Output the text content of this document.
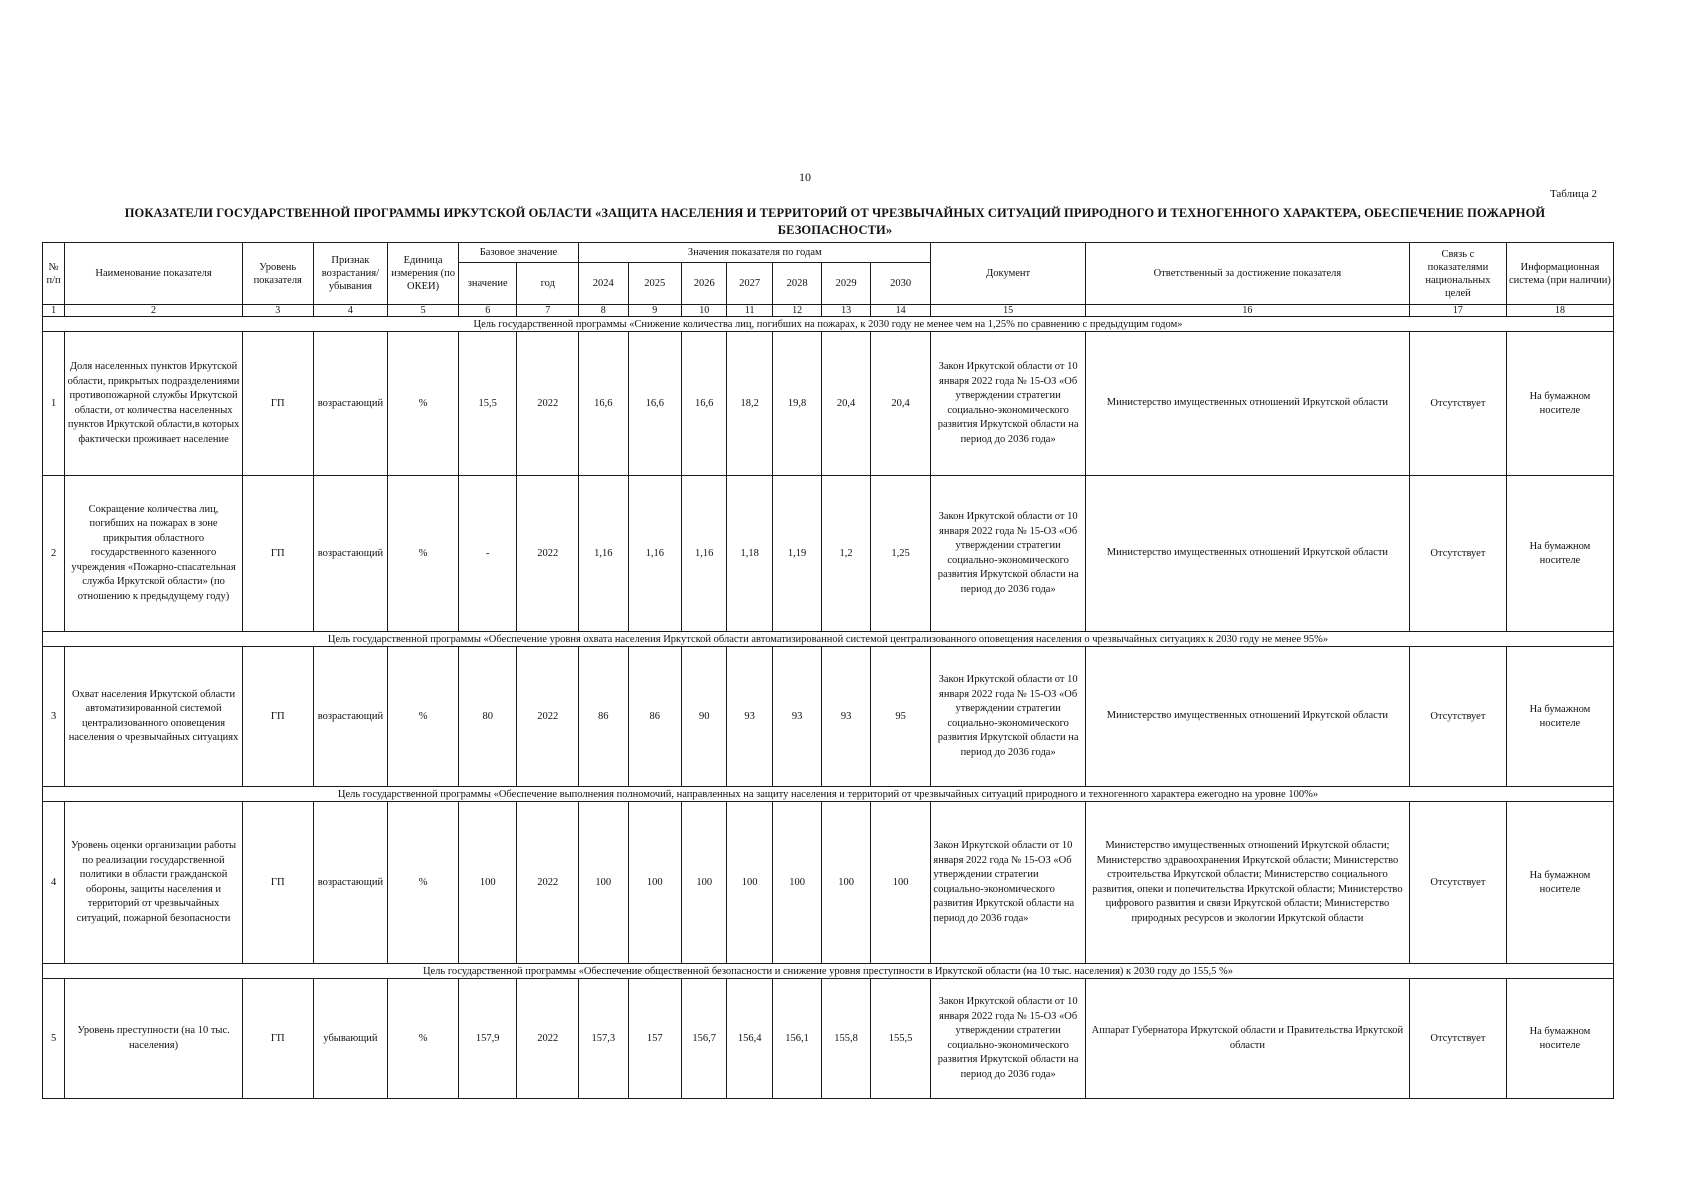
10
Таблица 2
ПОКАЗАТЕЛИ ГОСУДАРСТВЕННОЙ ПРОГРАММЫ ИРКУТСКОЙ ОБЛАСТИ «ЗАЩИТА НАСЕЛЕНИЯ И ТЕРРИТОРИЙ ОТ ЧРЕЗВЫЧАЙНЫХ СИТУАЦИЙ ПРИРОДНОГО И ТЕХНОГЕННОГО ХАРАКТЕРА, ОБЕСПЕЧЕНИЕ ПОЖАРНОЙ БЕЗОПАСНОСТИ»
№ п/п	Наименование показателя	Уровень показателя	Признак возрастания/ убывания	Единица измерения (по ОКЕИ)	Базовое значение		Значения показателя по годам							Документ	Ответственный за достижение показателя	Связь с показателями национальных целей	Информационная система (при наличии)
					значение	год	2024	2025	2026	2027	2028	2029	2030				
1	2	3	4	5	6	7	8	9	10	11	12	13	14	15	16	17	18
Цель государственной программы «Снижение количества лиц, погибших на пожарах, к 2030 году не менее чем на 1,25% по сравнению с предыдущим годом»																	
1	Доля населенных пунктов Иркутской области, прикрытых подразделениями противопожарной службы Иркутской области, от количества населенных пунктов Иркутской области,в которых фактически проживает население	ГП	возрастающий	%	15,5	2022	16,6	16,6	16,6	18,2	19,8	20,4	20,4	Закон Иркутской области от 10 января 2022 года № 15-ОЗ «Об утверждении стратегии социально-экономического развития Иркутской области на период до 2036 года»	Министерство имущественных отношений Иркутской области	Отсутствует	На бумажном носителе
2	Сокращение количества лиц, погибших на пожарах в зоне прикрытия областного государственного казенного учреждения «Пожарно-спасательная служба Иркутской области» (по отношению к предыдущему году)	ГП	возрастающий	%	-	2022	1,16	1,16	1,16	1,18	1,19	1,2	1,25	Закон Иркутской области от 10 января 2022 года № 15-ОЗ «Об утверждении стратегии социально-экономического развития Иркутской области на период до 2036 года»	Министерство имущественных отношений Иркутской области	Отсутствует	На бумажном носителе
Цель государственной программы «Обеспечение уровня охвата населения Иркутской области автоматизированной системой централизованного оповещения населения о чрезвычайных ситуациях к 2030 году не менее 95%»																	
3	Охват населения Иркутской области автоматизированной системой централизованного оповещения населения о чрезвычайных ситуациях	ГП	возрастающий	%	80	2022	86	86	90	93	93	93	95	Закон Иркутской области от 10 января 2022 года № 15-ОЗ «Об утверждении стратегии социально-экономического развития Иркутской области на период до 2036 года»	Министерство имущественных отношений Иркутской области	Отсутствует	На бумажном носителе
Цель государственной программы «Обеспечение выполнения полномочий, направленных на защиту населения и территорий от чрезвычайных ситуаций природного и техногенного характера ежегодно на уровне 100%»																	
4	Уровень оценки организации работы по реализации государственной политики в области гражданской обороны, защиты населения и территорий от чрезвычайных ситуаций, пожарной безопасности	ГП	возрастающий	%	100	2022	100	100	100	100	100	100	100	Закон Иркутской области от 10 января 2022 года № 15-ОЗ «Об утверждении стратегии социально-экономического развития Иркутской области на период до 2036 года»	Министерство имущественных отношений Иркутской области; Министерство здравоохранения Иркутской области; Министерство строительства Иркутской области; Министерство социального развития, опеки и попечительства Иркутской области; Министерство цифрового развития и связи Иркутской области; Министерство природных ресурсов и экологии Иркутской области	Отсутствует	На бумажном носителе
Цель государственной программы «Обеспечение общественной безопасности и снижение уровня преступности в Иркутской области (на 10 тыс. населения) к 2030 году до 155,5 %»																	
5	Уровень преступности (на 10 тыс. населения)	ГП	убывающий	%	157,9	2022	157,3	157	156,7	156,4	156,1	155,8	155,5	Закон Иркутской области от 10 января 2022 года № 15-ОЗ «Об утверждении стратегии социально-экономического развития Иркутской области на период до 2036 года»	Аппарат Губернатора Иркутской области и Правительства Иркутской области	Отсутствует	На бумажном носителе
